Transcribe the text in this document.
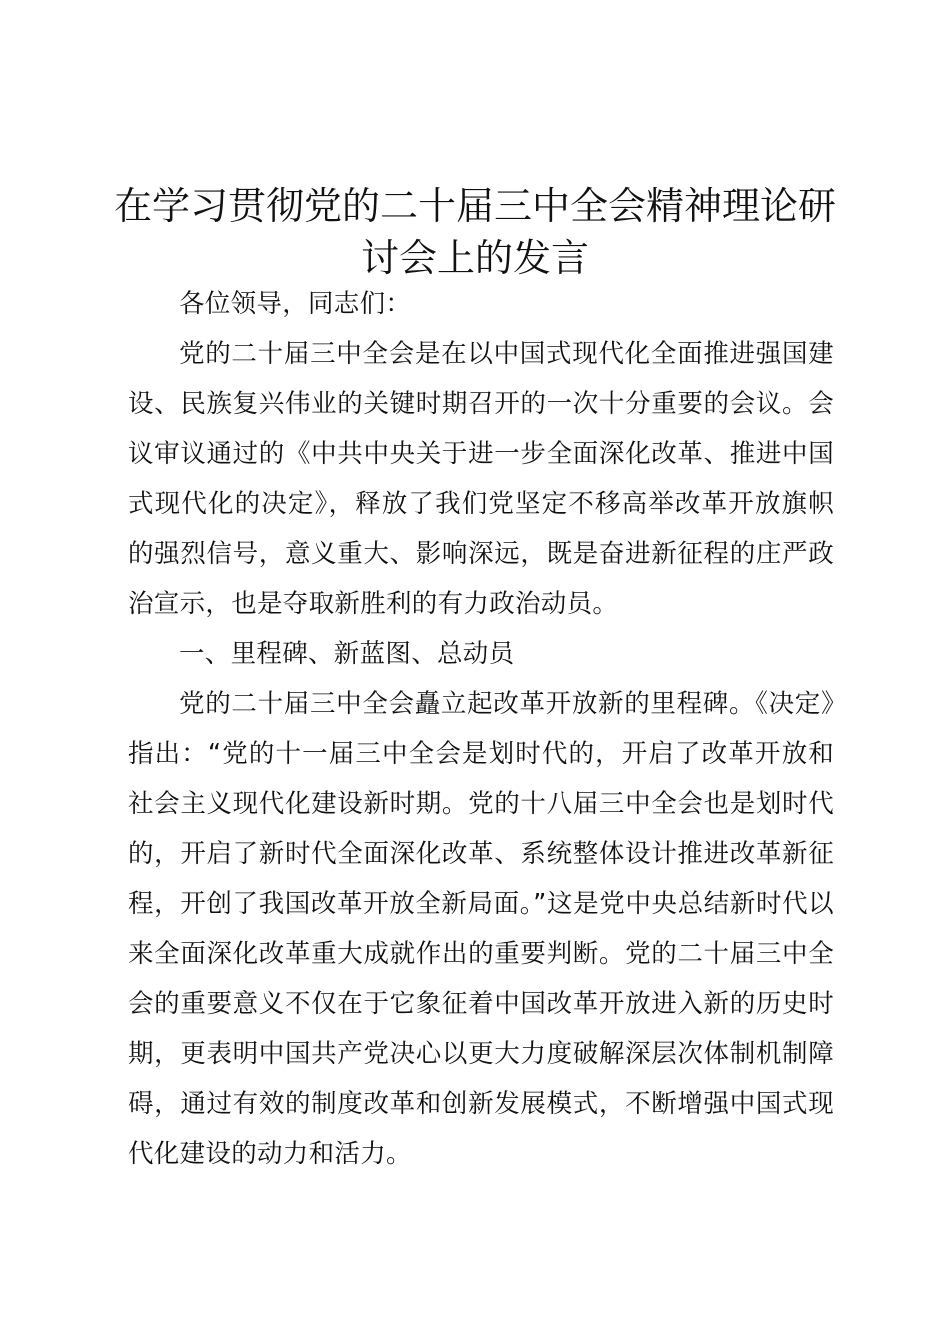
在学习贯彻党的二十届三中全会精神理论研讨会上的发言

各位领导，同志们：

党的二十届三中全会是在以中国式现代化全面推进强国建设、民族复兴伟业的关键时期召开的一次十分重要的会议。会议审议通过的《中共中央关于进一步全面深化改革、推进中国式现代化的决定》，释放了我们党坚定不移高举改革开放旗帜的强烈信号，意义重大、影响深远，既是奋进新征程的庄严政治宣示，也是夺取新胜利的有力政治动员。

一、里程碑、新蓝图、总动员

党的二十届三中全会矗立起改革开放新的里程碑。《决定》指出：“党的十一届三中全会是划时代的，开启了改革开放和社会主义现代化建设新时期。党的十八届三中全会也是划时代的，开启了新时代全面深化改革、系统整体设计推进改革新征程，开创了我国改革开放全新局面。”这是党中央总结新时代以来全面深化改革重大成就作出的重要判断。党的二十届三中全会的重要意义不仅在于它象征着中国改革开放进入新的历史时期，更表明中国共产党决心以更大力度破解深层次体制机制障碍，通过有效的制度改革和创新发展模式，不断增强中国式现代化建设的动力和活力。
